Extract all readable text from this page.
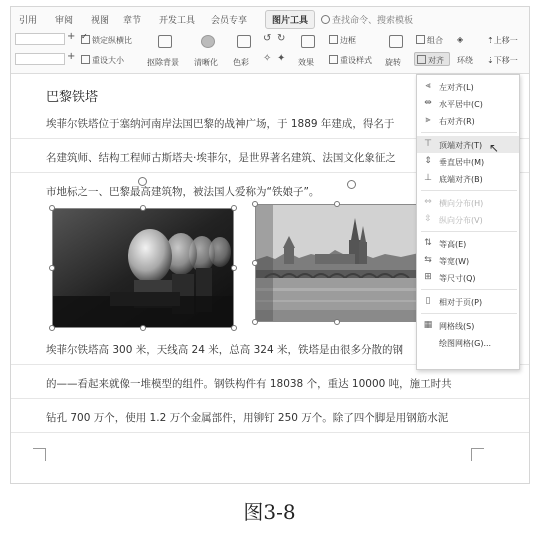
引用 审阅 视图 章节 开发工具 会员专享	图片工具	查找命令、搜索模板
+
+
✓锁定纵横比
重设大小	抠除背景 清晰化 色彩
↺ ↻
✧ ✦ 效果
边框
重设样式 旋转
组合
对齐
◈
环绕
⇡上移一
⇣下移一
巴黎铁塔
埃菲尔铁塔位于塞纳河南岸法国巴黎的战神广场，于 1889 年建成，得名于
名建筑师、结构工程师古斯塔夫·埃菲尔，是世界著名建筑、法国文化象征之
市地标之一、巴黎最高建筑物，被法国人爱称为“铁娘子”。
埃菲尔铁塔高 300 米，天线高 24 米，总高 324 米，铁塔是由很多分散的钢
的——看起来就像一堆模型的组件。钢铁构件有 18038 个，重达 10000 吨，施工时共
钻孔 700 万个，使用 1.2 万个金属部件，用铆钉 250 万个。除了四个脚是用钢筋水泥
⫷	左对齐(L)
⇹ 水平居中(C)
⫸	右对齐(R)
⊤ 顶端对齐(T)
⇕ 垂直居中(M)
⊥ 底端对齐(B)
⇔ 横向分布(H)
⇳ 纵向分布(V)
⇅ 等高(E)
⇆ 等宽(W)
⊞ 等尺寸(Q)
▯	相对于页(P)
▦ 网格线(S)
绘图网格(G)...
↖
图3-8
